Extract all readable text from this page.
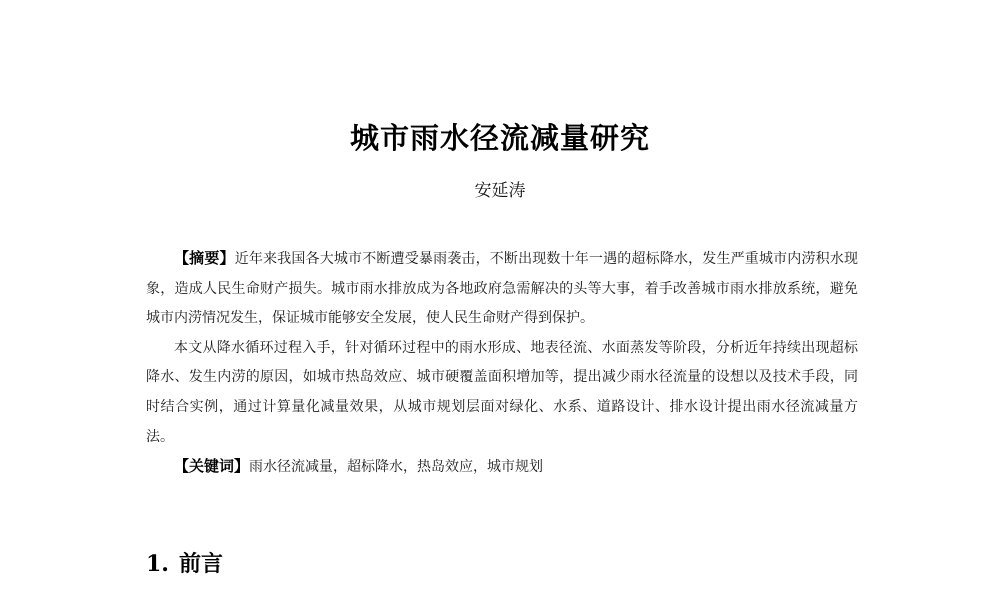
城市雨水径流减量研究
安延涛

【摘要】近年来我国各大城市不断遭受暴雨袭击，不断出现数十年一遇的超标降水，发生严重城市内涝积水现象，造成人民生命财产损失。城市雨水排放成为各地政府急需解决的头等大事，着手改善城市雨水排放系统，避免城市内涝情况发生，保证城市能够安全发展，使人民生命财产得到保护。

本文从降水循环过程入手，针对循环过程中的雨水形成、地表径流、水面蒸发等阶段，分析近年持续出现超标降水、发生内涝的原因，如城市热岛效应、城市硬覆盖面积增加等，提出减少雨水径流量的设想以及技术手段，同时结合实例，通过计算量化减量效果，从城市规划层面对绿化、水系、道路设计、排水设计提出雨水径流减量方法。

【关键词】雨水径流减量，超标降水，热岛效应，城市规划

1. 前言
